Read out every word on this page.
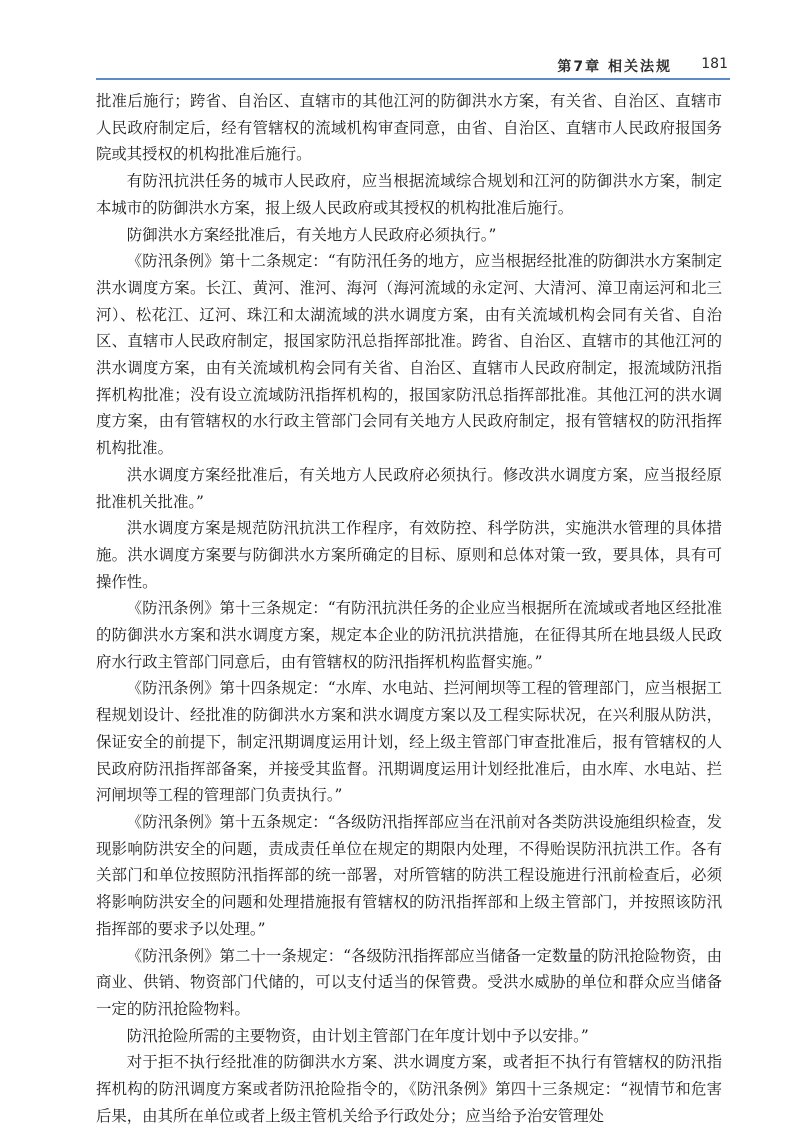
第7章 相关法规 181

批准后施行；跨省、自治区、直辖市的其他江河的防御洪水方案，有关省、自治区、直辖市人民政府制定后，经有管辖权的流域机构审查同意，由省、自治区、直辖市人民政府报国务院或其授权的机构批准后施行。

有防汛抗洪任务的城市人民政府，应当根据流域综合规划和江河的防御洪水方案，制定本城市的防御洪水方案，报上级人民政府或其授权的机构批准后施行。

防御洪水方案经批准后，有关地方人民政府必须执行。”

《防汛条例》第十二条规定：“有防汛任务的地方，应当根据经批准的防御洪水方案制定洪水调度方案。长江、黄河、淮河、海河（海河流域的永定河、大清河、漳卫南运河和北三河）、松花江、辽河、珠江和太湖流域的洪水调度方案，由有关流域机构会同有关省、自治区、直辖市人民政府制定，报国家防汛总指挥部批准。跨省、自治区、直辖市的其他江河的洪水调度方案，由有关流域机构会同有关省、自治区、直辖市人民政府制定，报流域防汛指挥机构批准；没有设立流域防汛指挥机构的，报国家防汛总指挥部批准。其他江河的洪水调度方案，由有管辖权的水行政主管部门会同有关地方人民政府制定，报有管辖权的防汛指挥机构批准。

洪水调度方案经批准后，有关地方人民政府必须执行。修改洪水调度方案，应当报经原批准机关批准。”

洪水调度方案是规范防汛抗洪工作程序，有效防控、科学防洪，实施洪水管理的具体措施。洪水调度方案要与防御洪水方案所确定的目标、原则和总体对策一致，要具体，具有可操作性。

《防汛条例》第十三条规定：“有防汛抗洪任务的企业应当根据所在流域或者地区经批准的防御洪水方案和洪水调度方案，规定本企业的防汛抗洪措施，在征得其所在地县级人民政府水行政主管部门同意后，由有管辖权的防汛指挥机构监督实施。”

《防汛条例》第十四条规定：“水库、水电站、拦河闸坝等工程的管理部门，应当根据工程规划设计、经批准的防御洪水方案和洪水调度方案以及工程实际状况，在兴利服从防洪，保证安全的前提下，制定汛期调度运用计划，经上级主管部门审查批准后，报有管辖权的人民政府防汛指挥部备案，并接受其监督。汛期调度运用计划经批准后，由水库、水电站、拦河闸坝等工程的管理部门负责执行。”

《防汛条例》第十五条规定：“各级防汛指挥部应当在汛前对各类防洪设施组织检查，发现影响防洪安全的问题，责成责任单位在规定的期限内处理，不得贻误防汛抗洪工作。各有关部门和单位按照防汛指挥部的统一部署，对所管辖的防洪工程设施进行汛前检查后，必须将影响防洪安全的问题和处理措施报有管辖权的防汛指挥部和上级主管部门，并按照该防汛指挥部的要求予以处理。”

《防汛条例》第二十一条规定：“各级防汛指挥部应当储备一定数量的防汛抢险物资，由商业、供销、物资部门代储的，可以支付适当的保管费。受洪水威胁的单位和群众应当储备一定的防汛抢险物料。

防汛抢险所需的主要物资，由计划主管部门在年度计划中予以安排。”

对于拒不执行经批准的防御洪水方案、洪水调度方案，或者拒不执行有管辖权的防汛指挥机构的防汛调度方案或者防汛抢险指令的，《防汛条例》第四十三条规定：“视情节和危害后果，由其所在单位或者上级主管机关给予行政处分；应当给予治安管理处
